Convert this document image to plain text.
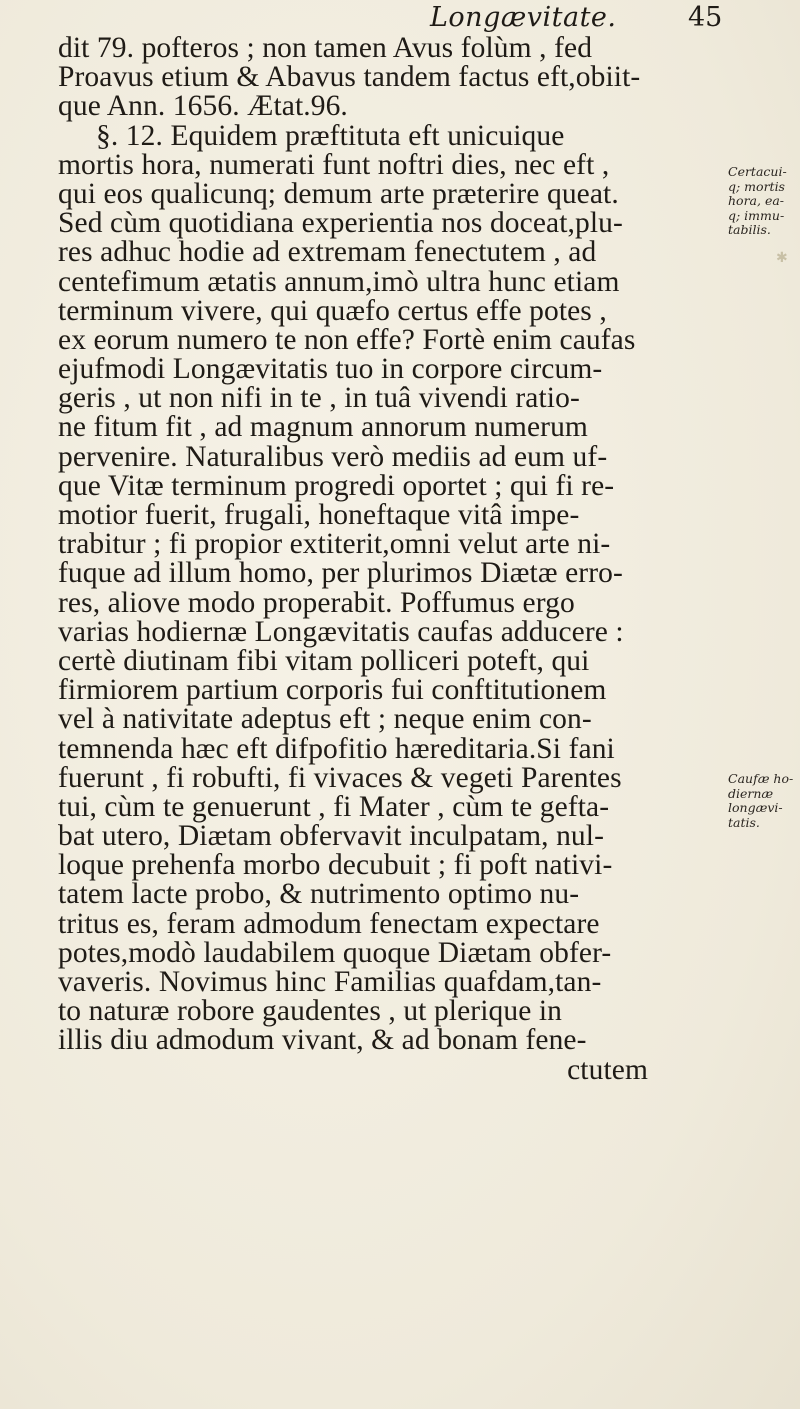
Longævitate.	45
dit 79. pofteros ; non tamen Avus folùm , fed
Proavus etium & Abavus tandem factus eft,obiit-
que Ann. 1656. Ætat.96.
§. 12. Equidem præftituta eft unicuique
mortis hora, numerati funt noftri dies, nec eft ,
qui eos qualicunq; demum arte præterire queat.
Sed cùm quotidiana experientia nos doceat,plu-
res adhuc hodie ad extremam fenectutem , ad
centefimum ætatis annum,imò ultra hunc etiam
terminum vivere, qui quæfo certus effe potes ,
ex eorum numero te non effe? Fortè enim caufas
ejufmodi Longævitatis tuo in corpore circum-
geris , ut non nifi in te , in tuâ vivendi ratio-
ne fitum fit , ad magnum annorum numerum
pervenire. Naturalibus verò mediis ad eum uf-
que Vitæ terminum progredi oportet ; qui fi re-
motior fuerit, frugali, honeftaque vitâ impe-
trabitur ; fi propior extiterit,omni velut arte ni-
fuque ad illum homo, per plurimos Diætæ erro-
res, aliove modo properabit. Poffumus ergo
varias hodiernæ Longævitatis caufas adducere :
certè diutinam fibi vitam polliceri poteft, qui
firmiorem partium corporis fui conftitutionem
vel à nativitate adeptus eft ; neque enim con-
temnenda hæc eft difpofitio hæreditaria.Si fani
fuerunt , fi robufti, fi vivaces & vegeti Parentes
tui, cùm te genuerunt , fi Mater , cùm te gefta-
bat utero, Diætam obfervavit inculpatam, nul-
loque prehenfa morbo decubuit ; fi poft nativi-
tatem lacte probo, & nutrimento optimo nu-
tritus es, feram admodum fenectam expectare
potes,modò laudabilem quoque Diætam obfer-
vaveris. Novimus hinc Familias quafdam,tan-
to naturæ robore gaudentes , ut plerique in
illis diu admodum vivant, & ad bonam fene-
ctutem
Certacui-
q; mortis
hora, ea-
q; immu-
tabilis.
Caufæ ho-
diernæ
longævi-
tatis.
✱
